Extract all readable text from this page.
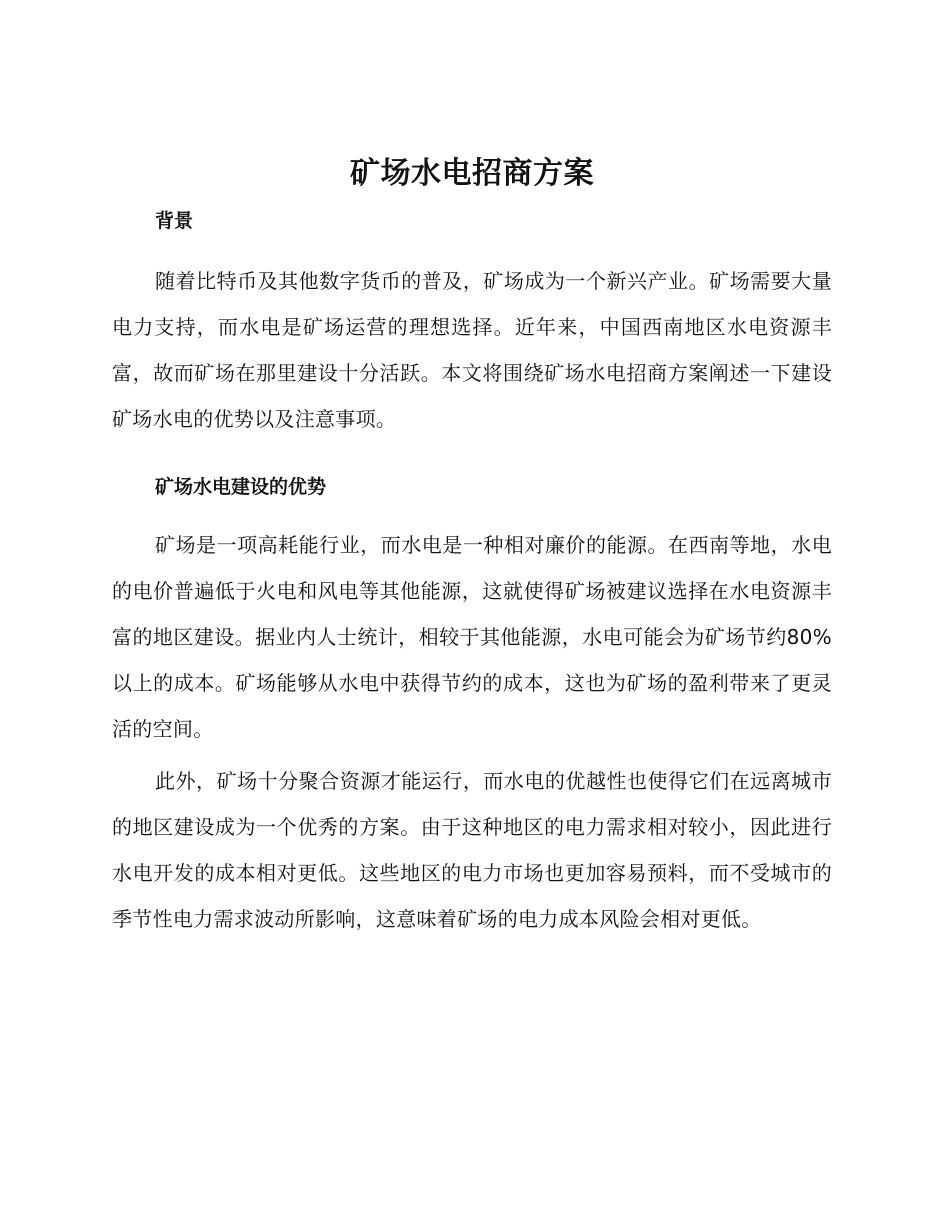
矿场水电招商方案
背景

随着比特币及其他数字货币的普及，矿场成为一个新兴产业。矿场需要大量电力支持，而水电是矿场运营的理想选择。近年来，中国西南地区水电资源丰富，故而矿场在那里建设十分活跃。本文将围绕矿场水电招商方案阐述一下建设矿场水电的优势以及注意事项。

矿场水电建设的优势

矿场是一项高耗能行业，而水电是一种相对廉价的能源。在西南等地，水电的电价普遍低于火电和风电等其他能源，这就使得矿场被建议选择在水电资源丰富的地区建设。据业内人士统计，相较于其他能源，水电可能会为矿场节约80%以上的成本。矿场能够从水电中获得节约的成本，这也为矿场的盈利带来了更灵活的空间。

此外，矿场十分聚合资源才能运行，而水电的优越性也使得它们在远离城市的地区建设成为一个优秀的方案。由于这种地区的电力需求相对较小，因此进行水电开发的成本相对更低。这些地区的电力市场也更加容易预料，而不受城市的季节性电力需求波动所影响，这意味着矿场的电力成本风险会相对更低。
